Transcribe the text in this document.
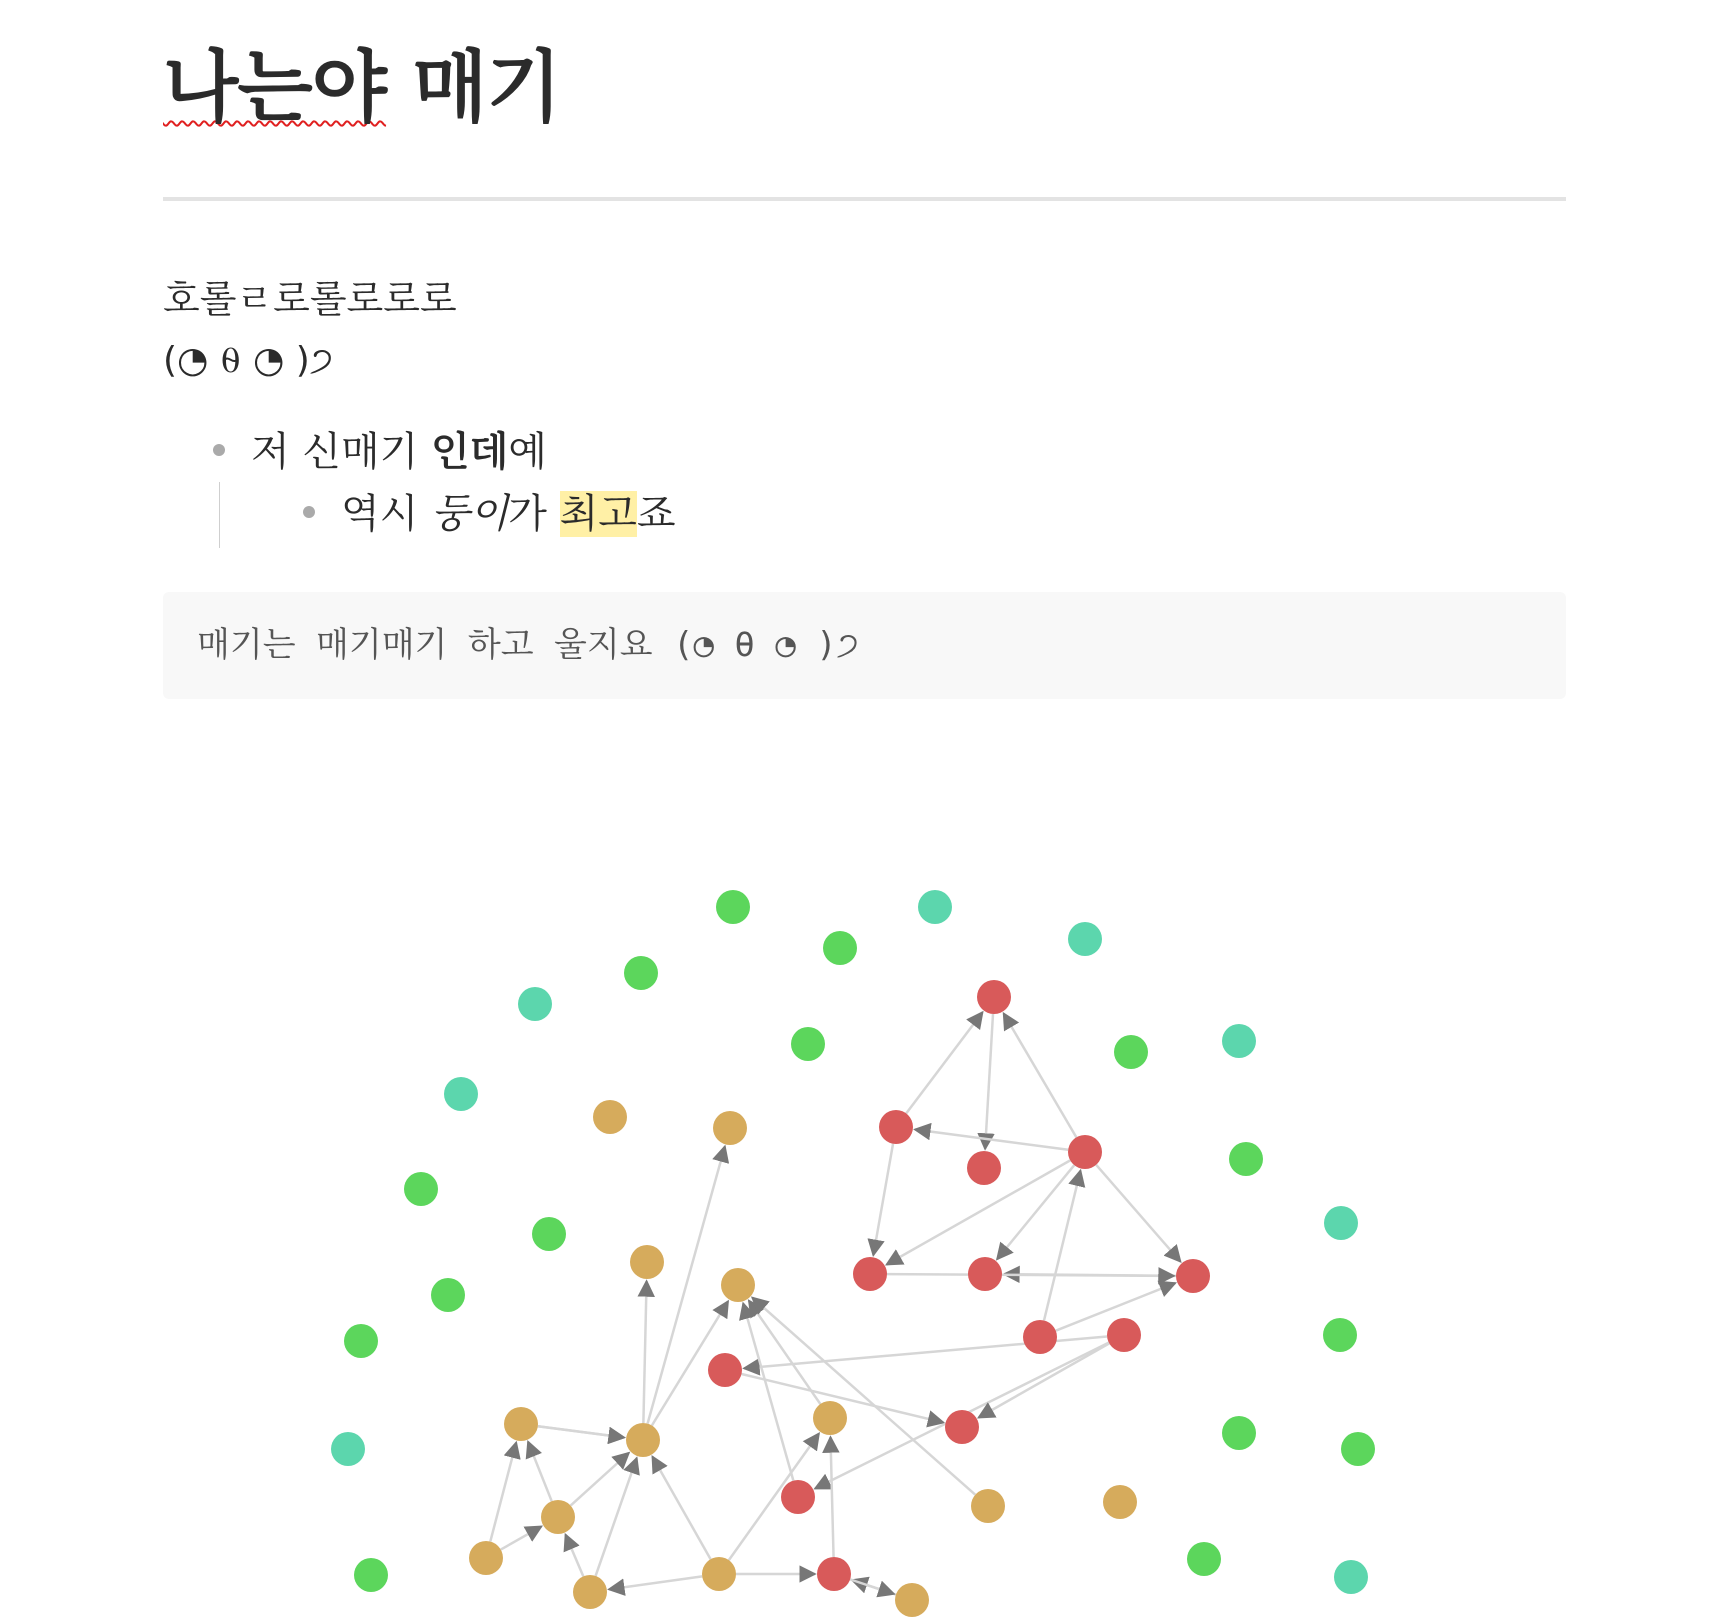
나는야 매기
호롤ㄹ로롤로로로
(◔ ⍬ ◔ )੭
저 신매기 인데예
역시 둥이가 최고죠
매기는 매기매기 하고 울지요 (◔ θ ◔ )੭
